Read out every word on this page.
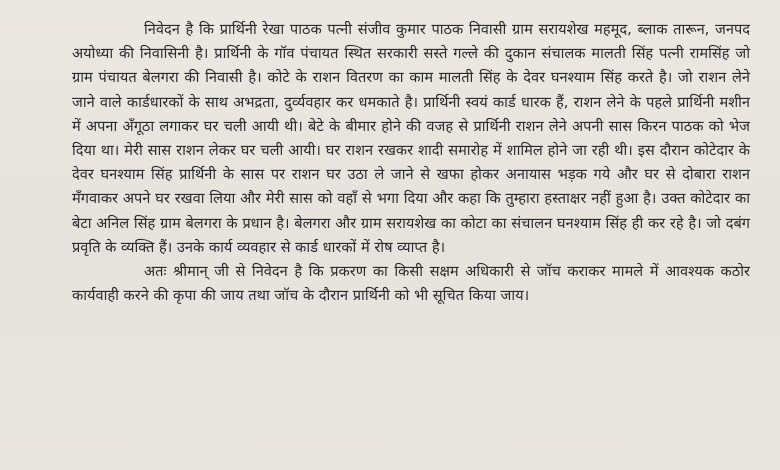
निवेदन है कि प्रार्थिनी रेखा पाठक पत्नी संजीव कुमार पाठक निवासी ग्राम सरायशेख महमूद, ब्लाक तारून, जनपद अयोध्या की निवासिनी है। प्रार्थिनी के गॉव पंचायत स्थित सरकारी सस्ते गल्ले की दुकान संचालक मालती सिंह पत्नी रामसिंह जो ग्राम पंचायत बेलगरा की निवासी है। कोटे के राशन वितरण का काम मालती सिंह के देवर घनश्याम सिंह करते है। जो राशन लेने जाने वाले कार्डधारकों के साथ अभद्रता, दुर्व्यवहार कर धमकाते है। प्रार्थिनी स्वयं कार्ड धारक हैं, राशन लेने के पहले प्रार्थिनी मशीन में अपना अँगूठा लगाकर घर चली आयी थी। बेटे के बीमार होने की वजह से प्रार्थिनी राशन लेने अपनी सास किरन पाठक को भेज दिया था। मेरी सास राशन लेकर घर चली आयी। घर राशन रखकर शादी समारोह में शामिल होने जा रही थी। इस दौरान कोटेदार के देवर घनश्याम सिंह प्रार्थिनी के सास पर राशन घर उठा ले जाने से खफा होकर अनायास भड़क गये और घर से दोबारा राशन मँगवाकर अपने घर रखवा लिया और मेरी सास को वहाँ से भगा दिया और कहा कि तुम्हारा हस्ताक्षर नहीं हुआ है। उक्त कोटेदार का बेटा अनिल सिंह ग्राम बेलगरा के प्रधान है। बेलगरा और ग्राम सरायशेख का कोटा का संचालन घनश्याम सिंह ही कर रहे है। जो दबंग प्रवृति के व्यक्ति हैं। उनके कार्य व्यवहार से कार्ड धारकों में रोष व्याप्त है।

अतः श्रीमान् जी से निवेदन है कि प्रकरण का किसी सक्षम अधिकारी से जॉच कराकर मामले में आवश्यक कठोर कार्यवाही करने की कृपा की जाय तथा जॉच के दौरान प्रार्थिनी को भी सूचित किया जाय।
